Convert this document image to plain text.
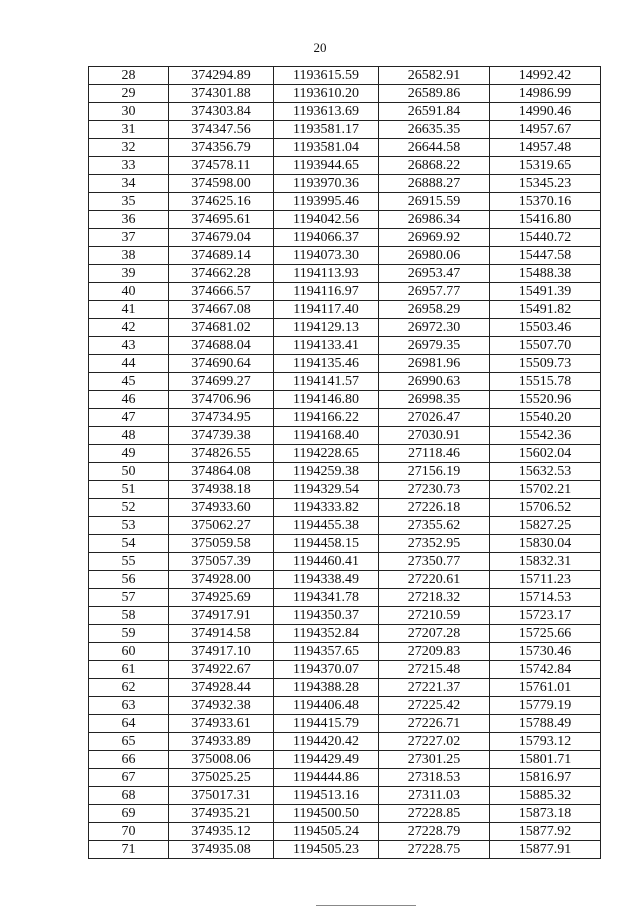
20
28	374294.89	1193615.59	26582.91	14992.42
29	374301.88	1193610.20	26589.86	14986.99
30	374303.84	1193613.69	26591.84	14990.46
31	374347.56	1193581.17	26635.35	14957.67
32	374356.79	1193581.04	26644.58	14957.48
33	374578.11	1193944.65	26868.22	15319.65
34	374598.00	1193970.36	26888.27	15345.23
35	374625.16	1193995.46	26915.59	15370.16
36	374695.61	1194042.56	26986.34	15416.80
37	374679.04	1194066.37	26969.92	15440.72
38	374689.14	1194073.30	26980.06	15447.58
39	374662.28	1194113.93	26953.47	15488.38
40	374666.57	1194116.97	26957.77	15491.39
41	374667.08	1194117.40	26958.29	15491.82
42	374681.02	1194129.13	26972.30	15503.46
43	374688.04	1194133.41	26979.35	15507.70
44	374690.64	1194135.46	26981.96	15509.73
45	374699.27	1194141.57	26990.63	15515.78
46	374706.96	1194146.80	26998.35	15520.96
47	374734.95	1194166.22	27026.47	15540.20
48	374739.38	1194168.40	27030.91	15542.36
49	374826.55	1194228.65	27118.46	15602.04
50	374864.08	1194259.38	27156.19	15632.53
51	374938.18	1194329.54	27230.73	15702.21
52	374933.60	1194333.82	27226.18	15706.52
53	375062.27	1194455.38	27355.62	15827.25
54	375059.58	1194458.15	27352.95	15830.04
55	375057.39	1194460.41	27350.77	15832.31
56	374928.00	1194338.49	27220.61	15711.23
57	374925.69	1194341.78	27218.32	15714.53
58	374917.91	1194350.37	27210.59	15723.17
59	374914.58	1194352.84	27207.28	15725.66
60	374917.10	1194357.65	27209.83	15730.46
61	374922.67	1194370.07	27215.48	15742.84
62	374928.44	1194388.28	27221.37	15761.01
63	374932.38	1194406.48	27225.42	15779.19
64	374933.61	1194415.79	27226.71	15788.49
65	374933.89	1194420.42	27227.02	15793.12
66	375008.06	1194429.49	27301.25	15801.71
67	375025.25	1194444.86	27318.53	15816.97
68	375017.31	1194513.16	27311.03	15885.32
69	374935.21	1194500.50	27228.85	15873.18
70	374935.12	1194505.24	27228.79	15877.92
71	374935.08	1194505.23	27228.75	15877.91
